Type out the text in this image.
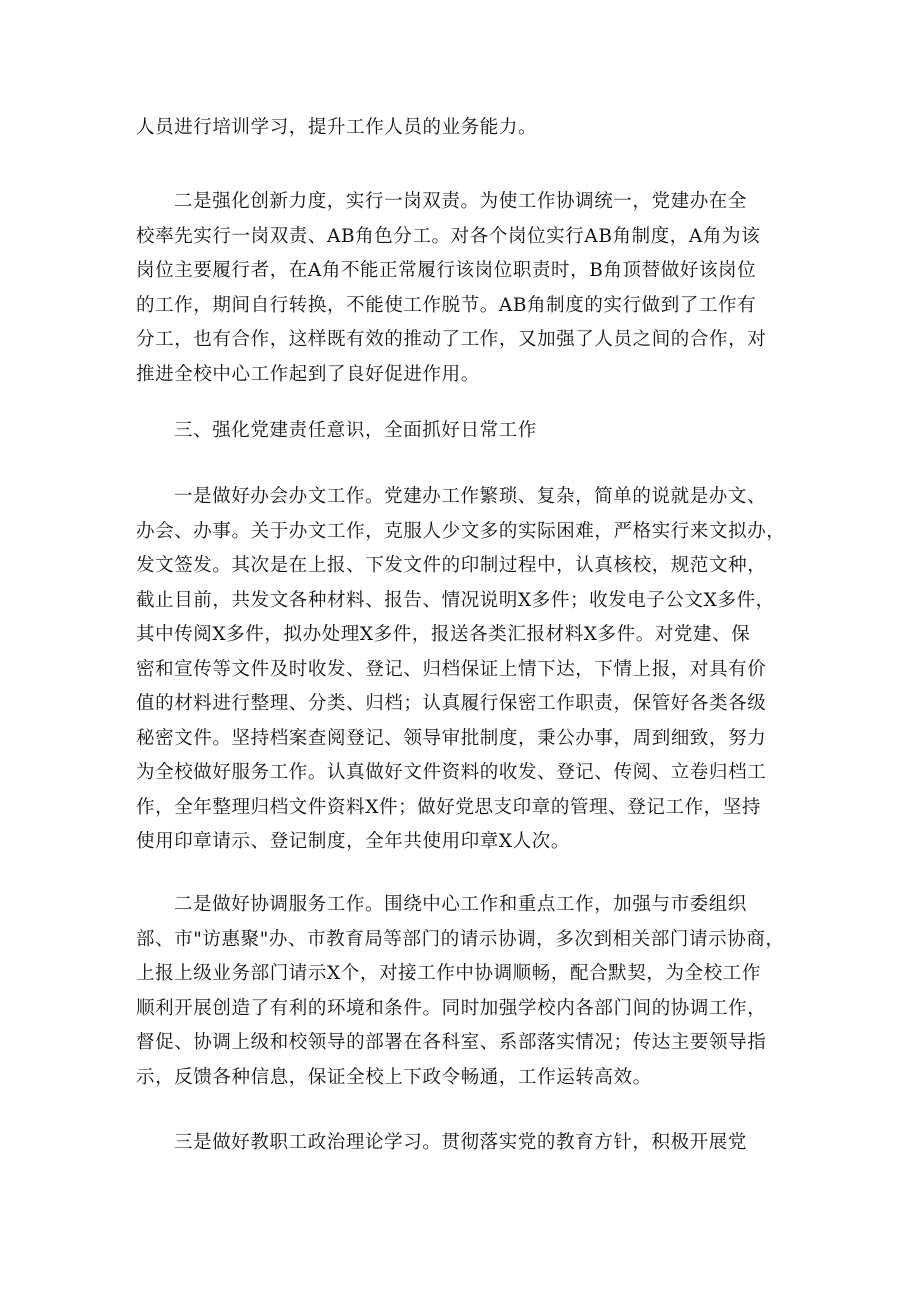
人员进行培训学习，提升工作人员的业务能力。
二是强化创新力度，实行一岗双责。为使工作协调统一，党建办在全
校率先实行一岗双责、AB角色分工。对各个岗位实行AB角制度，A角为该
岗位主要履行者，在A角不能正常履行该岗位职责时，B角顶替做好该岗位
的工作，期间自行转换，不能使工作脱节。AB角制度的实行做到了工作有
分工，也有合作，这样既有效的推动了工作，又加强了人员之间的合作，对
推进全校中心工作起到了良好促进作用。
三、强化党建责任意识，全面抓好日常工作
一是做好办会办文工作。党建办工作繁琐、复杂，简单的说就是办文、
办会、办事。关于办文工作，克服人少文多的实际困难，严格实行来文拟办，
发文签发。其次是在上报、下发文件的印制过程中，认真核校，规范文种，
截止目前，共发文各种材料、报告、情况说明X多件；收发电子公文X多件，
其中传阅X多件，拟办处理X多件，报送各类汇报材料X多件。对党建、保
密和宣传等文件及时收发、登记、归档保证上情下达，下情上报，对具有价
值的材料进行整理、分类、归档；认真履行保密工作职责，保管好各类各级
秘密文件。坚持档案查阅登记、领导审批制度，秉公办事，周到细致，努力
为全校做好服务工作。认真做好文件资料的收发、登记、传阅、立卷归档工
作，全年整理归档文件资料X件；做好党思支印章的管理、登记工作，坚持
使用印章请示、登记制度，全年共使用印章X人次。
二是做好协调服务工作。围绕中心工作和重点工作，加强与市委组织
部、市"访惠聚"办、市教育局等部门的请示协调，多次到相关部门请示协商，
上报上级业务部门请示X个，对接工作中协调顺畅，配合默契，为全校工作
顺利开展创造了有利的环境和条件。同时加强学校内各部门间的协调工作，
督促、协调上级和校领导的部署在各科室、系部落实情况；传达主要领导指
示，反馈各种信息，保证全校上下政令畅通，工作运转高效。
三是做好教职工政治理论学习。贯彻落实党的教育方针，积极开展党
